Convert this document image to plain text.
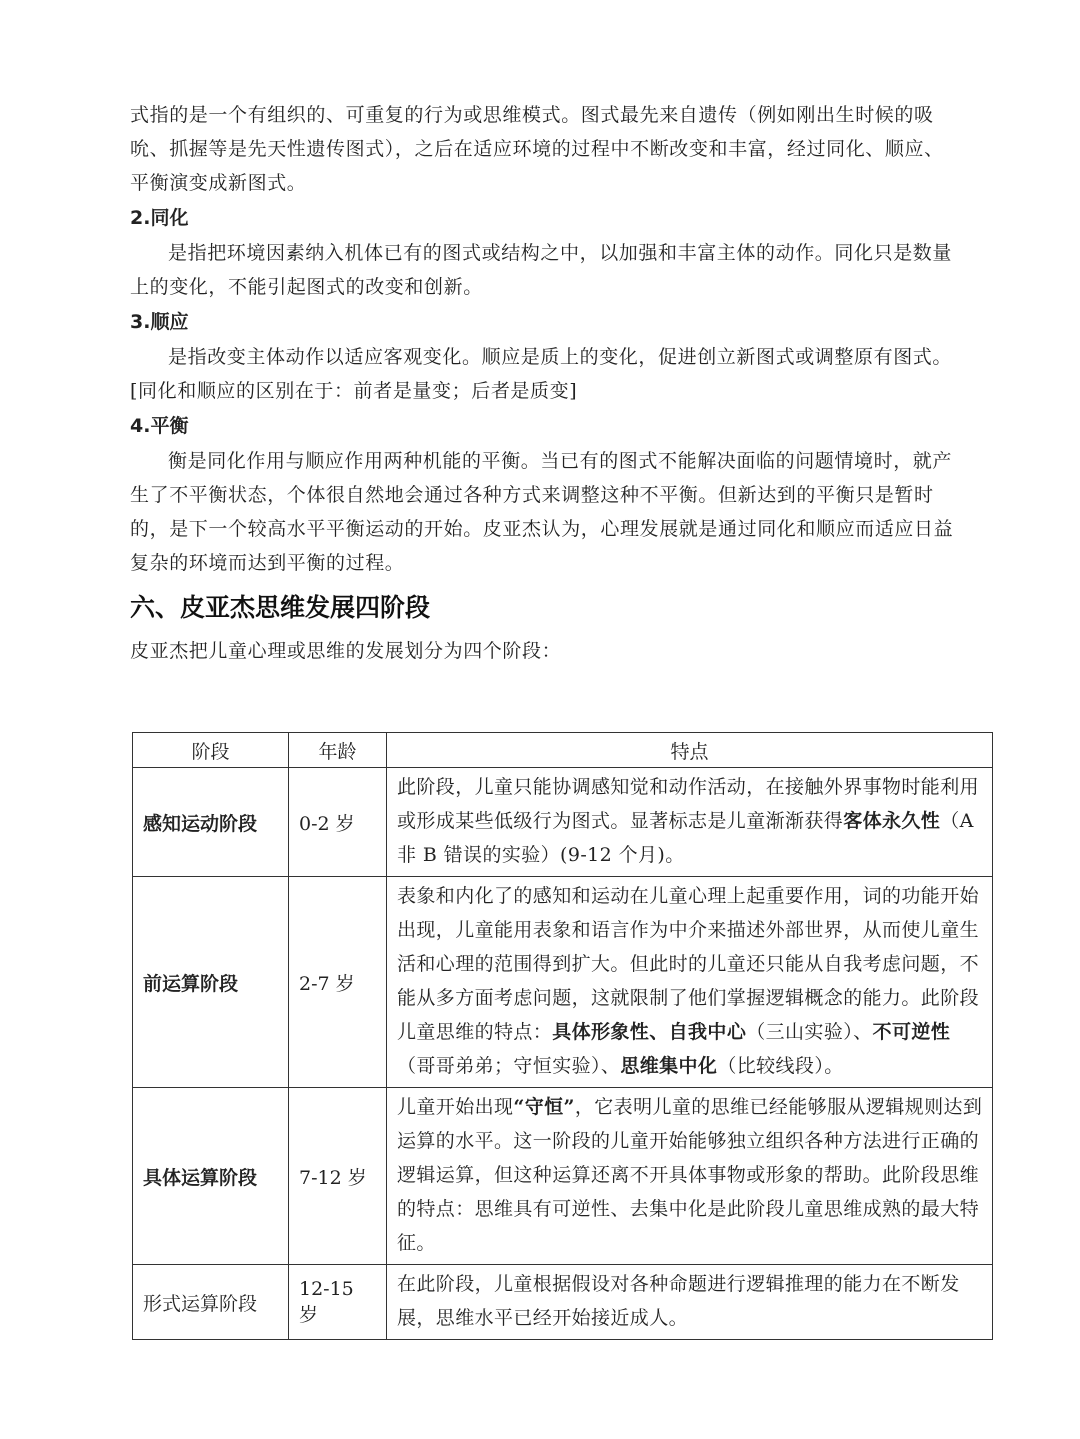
式指的是一个有组织的、可重复的行为或思维模式。图式最先来自遗传（例如刚出生时候的吸吮、抓握等是先天性遗传图式），之后在适应环境的过程中不断改变和丰富，经过同化、顺应、平衡演变成新图式。

2.同化

是指把环境因素纳入机体已有的图式或结构之中，以加强和丰富主体的动作。同化只是数量上的变化，不能引起图式的改变和创新。

3.顺应

是指改变主体动作以适应客观变化。顺应是质上的变化，促进创立新图式或调整原有图式。

[同化和顺应的区别在于：前者是量变；后者是质变]

4.平衡

衡是同化作用与顺应作用两种机能的平衡。当已有的图式不能解决面临的问题情境时，就产生了不平衡状态，个体很自然地会通过各种方式来调整这种不平衡。但新达到的平衡只是暂时的，是下一个较高水平平衡运动的开始。皮亚杰认为，心理发展就是通过同化和顺应而适应日益复杂的环境而达到平衡的过程。

六、皮亚杰思维发展四阶段

皮亚杰把儿童心理或思维的发展划分为四个阶段：

阶段	年龄	特点
感知运动阶段	0-2 岁	此阶段，儿童只能协调感知觉和动作活动，在接触外界事物时能利用或形成某些低级行为图式。显著标志是儿童渐渐获得客体永久性（A 非 B 错误的实验）(9-12 个月)。
前运算阶段	2-7 岁	表象和内化了的感知和运动在儿童心理上起重要作用，词的功能开始出现，儿童能用表象和语言作为中介来描述外部世界，从而使儿童生活和心理的范围得到扩大。但此时的儿童还只能从自我考虑问题，不能从多方面考虑问题，这就限制了他们掌握逻辑概念的能力。此阶段儿童思维的特点：具体形象性、自我中心（三山实验）、不可逆性（哥哥弟弟；守恒实验）、思维集中化（比较线段）。
具体运算阶段	7-12 岁	儿童开始出现“守恒”，它表明儿童的思维已经能够服从逻辑规则达到运算的水平。这一阶段的儿童开始能够独立组织各种方法进行正确的逻辑运算，但这种运算还离不开具体事物或形象的帮助。此阶段思维的特点：思维具有可逆性、去集中化是此阶段儿童思维成熟的最大特征。
形式运算阶段	12-15 岁	在此阶段，儿童根据假设对各种命题进行逻辑推理的能力在不断发展，思维水平已经开始接近成人。
